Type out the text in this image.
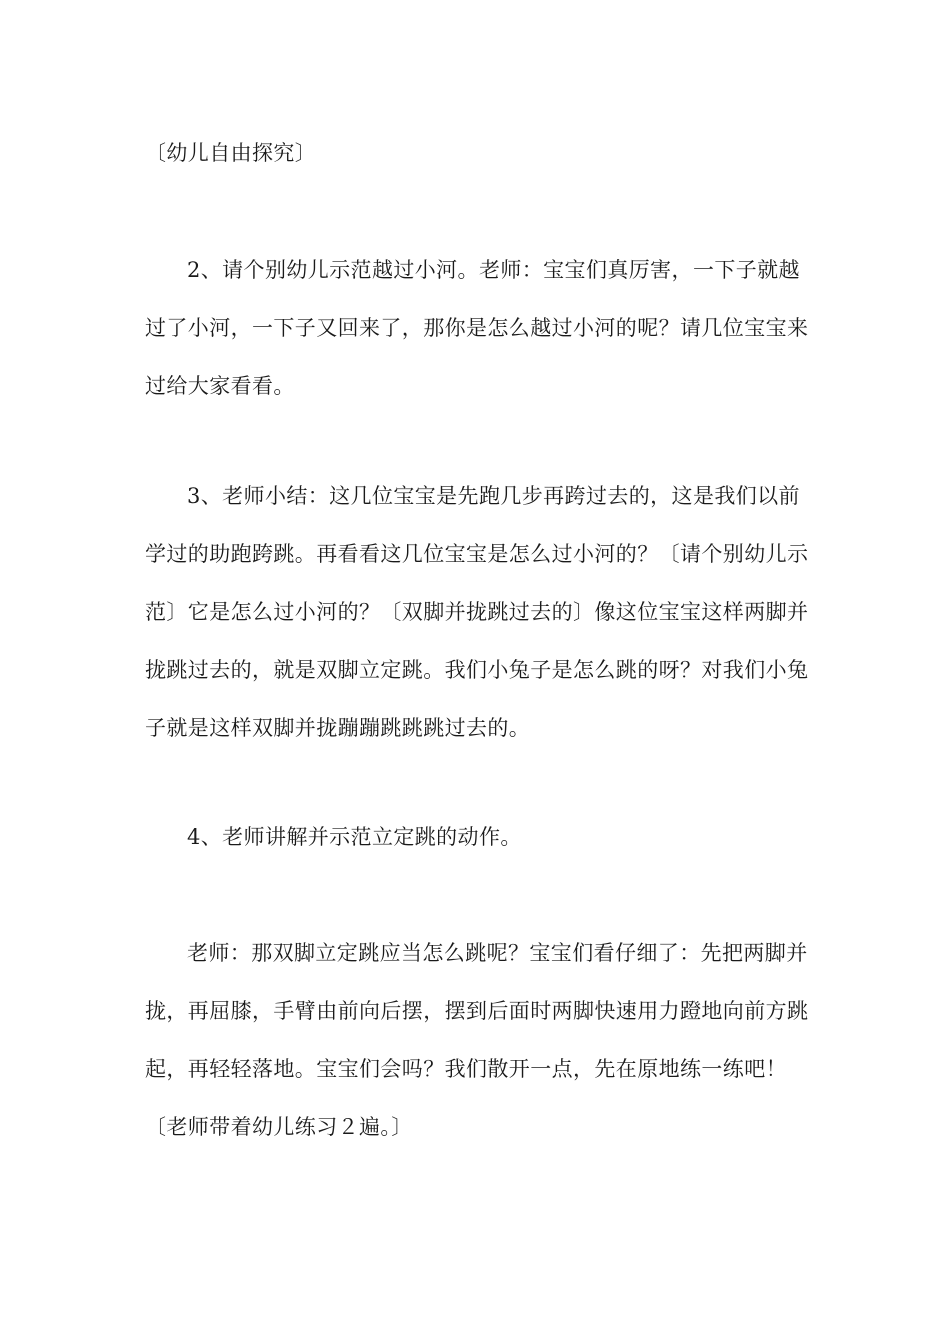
〔幼儿自由探究〕

2、请个别幼儿示范越过小河。老师：宝宝们真厉害，一下子就越过了小河，一下子又回来了，那你是怎么越过小河的呢？请几位宝宝来过给大家看看。

3、老师小结：这几位宝宝是先跑几步再跨过去的，这是我们以前学过的助跑跨跳。再看看这几位宝宝是怎么过小河的？〔请个别幼儿示范〕它是怎么过小河的？〔双脚并拢跳过去的〕像这位宝宝这样两脚并拢跳过去的，就是双脚立定跳。我们小兔子是怎么跳的呀？对我们小兔子就是这样双脚并拢蹦蹦跳跳跳过去的。

4、老师讲解并示范立定跳的动作。

老师：那双脚立定跳应当怎么跳呢？宝宝们看仔细了：先把两脚并拢，再屈膝，手臂由前向后摆，摆到后面时两脚快速用力蹬地向前方跳起，再轻轻落地。宝宝们会吗？我们散开一点，先在原地练一练吧！〔老师带着幼儿练习２遍。〕
